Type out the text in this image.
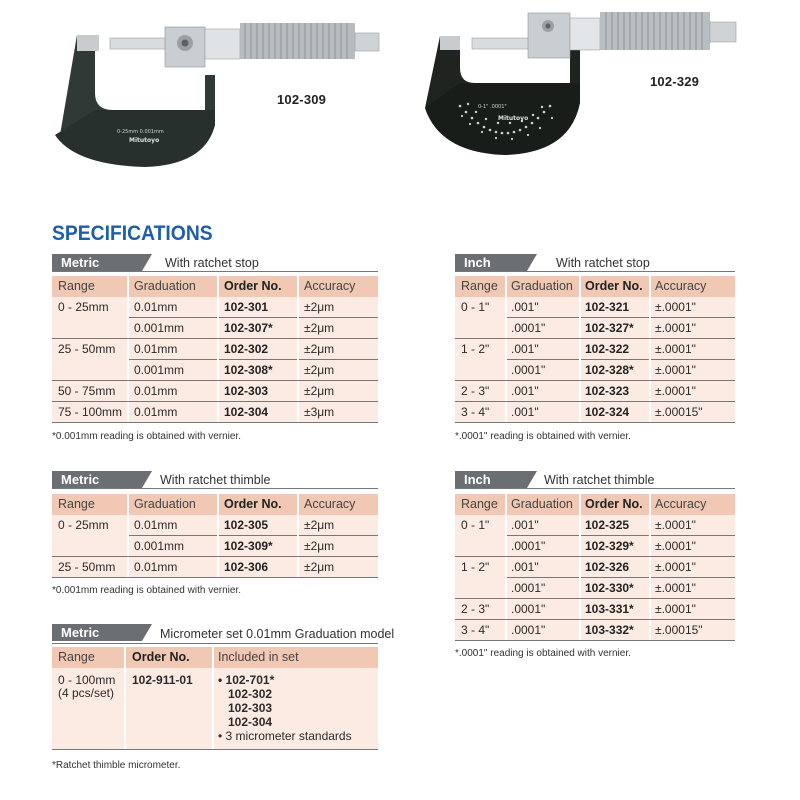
0-25mm 0.001mm
Mitutoyo
102-309	0-1" .0001"
Mitutoyo
102-329
SPECIFICATIONS
Metric	With ratchet stop
Range	Graduation Order No. Accuracy
0 - 25mm 0.01mm	102-301	±2μm
0.001mm	102-307*	±2μm
25 - 50mm 0.01mm	102-302	±2μm
0.001mm	102-308*	±2μm
50 - 75mm 0.01mm	102-303	±2μm
75 - 100mm 0.01mm	102-304	±3μm
*0.001mm reading is obtained with vernier.
Metric	With ratchet thimble
Range	Graduation Order No. Accuracy
0 - 25mm 0.01mm	102-305	±2μm
0.001mm	102-309*	±2μm
25 - 50mm 0.01mm	102-306	±2μm
*0.001mm reading is obtained with vernier.
Metric	Micrometer set 0.01mm Graduation model
Range	Order No. Included in set
0 - 100mm
(4 pcs/set)
102-911-01 • 102-701*
102-302
102-303
102-304
• 3 micrometer standards
*Ratchet thimble micrometer.
Inch	With ratchet stop
Range Graduation Order No. Accuracy
0 - 1" .001"	102-321 ±.0001"
.0001"	102-327* ±.0001"
1 - 2" .001"	102-322 ±.0001"
.0001"	102-328* ±.0001"
2 - 3" .001"	102-323 ±.0001"
3 - 4" .001"	102-324 ±.00015"
*.0001" reading is obtained with vernier.
Inch	With ratchet thimble
Range Graduation Order No. Accuracy
0 - 1" .001"	102-325 ±.0001"
.0001"	102-329* ±.0001"
1 - 2" .001"	102-326 ±.0001"
.0001"	102-330* ±.0001"
2 - 3" .0001"	103-331* ±.0001"
3 - 4" .0001"	103-332* ±.00015"
*.0001" reading is obtained with vernier.
